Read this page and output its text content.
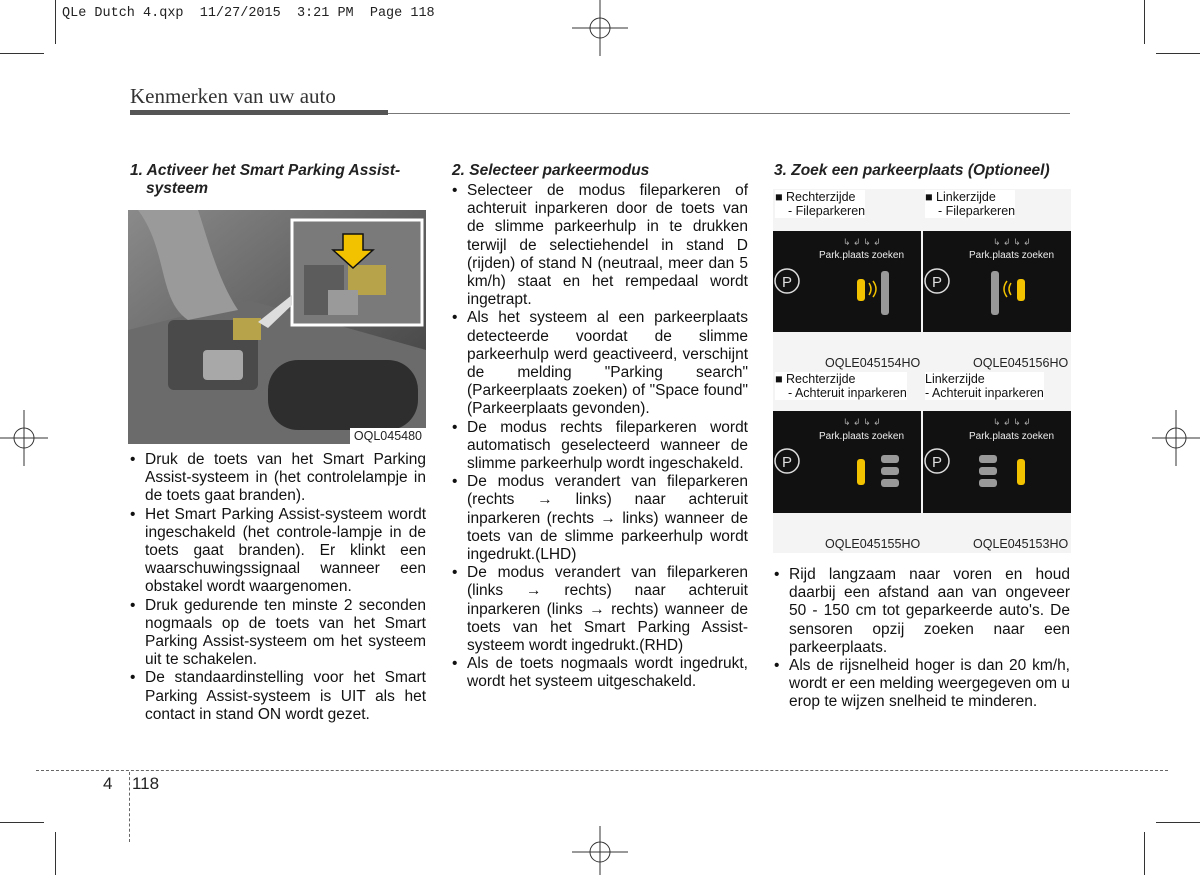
QLe Dutch 4.qxp  11/27/2015  3:21 PM  Page 118
Kenmerken van uw auto
1. Activeer het Smart Parking Assist-
systeem
OQL045480
• Druk de toets van het Smart Parking Assist-systeem in (het controlelampje in de toets gaat branden).
• Het Smart Parking Assist-systeem wordt ingeschakeld (het controle-lampje in de toets gaat branden). Er klinkt een waarschuwingssignaal wanneer een obstakel wordt waargenomen.
• Druk gedurende ten minste 2 seconden nogmaals op de toets van het Smart Parking Assist-systeem om het systeem uit te schakelen.
• De standaardinstelling voor het Smart Parking Assist-systeem is UIT als het contact in stand ON wordt gezet.
2. Selecteer parkeermodus
• Selecteer de modus fileparkeren of achteruit inparkeren door de toets van de slimme parkeerhulp in te drukken terwijl de selectiehendel in stand D (rijden) of stand N (neutraal, meer dan 5 km/h) staat en het rempedaal wordt ingetrapt.
• Als het systeem al een parkeerplaats detecteerde voordat de slimme parkeerhulp werd geactiveerd, verschijnt de melding "Parking search" (Parkeerplaats zoeken) of "Space found" (Parkeerplaats gevonden).
• De modus rechts fileparkeren wordt automatisch geselecteerd wanneer de slimme parkeerhulp wordt ingeschakeld.
• De modus verandert van fileparkeren (rechts → links) naar achteruit inparkeren (rechts → links) wanneer de toets van de slimme parkeerhulp wordt ingedrukt.(LHD)
• De modus verandert van fileparkeren (links → rechts) naar achteruit inparkeren (links → rechts) wanneer de toets van het Smart Parking Assist-systeem wordt ingedrukt.(RHD)
• Als de toets nogmaals wordt ingedrukt, wordt het systeem uitgeschakeld.
3. Zoek een parkeerplaats (Optioneel)
■ Rechterzijde
- Fileparkeren
P
↳ ↲ ↳ ↲
Park.plaats zoeken
OQLE045154HO
■ Linkerzijde
- Fileparkeren
P
↳ ↲ ↳ ↲
Park.plaats zoeken
OQLE045156HO
■ Rechterzijde
- Achteruit inparkeren
P
↳ ↲ ↳ ↲
Park.plaats zoeken
OQLE045155HO
Linkerzijde
- Achteruit inparkeren
P
↳ ↲ ↳ ↲
Park.plaats zoeken
OQLE045153HO
• Rijd langzaam naar voren en houd daarbij een afstand aan van ongeveer 50 - 150 cm tot geparkeerde auto's. De sensoren opzij zoeken naar een parkeerplaats.
• Als de rijsnelheid hoger is dan 20 km/h, wordt er een melding weergegeven om u erop te wijzen snelheid te minderen.
4 118
